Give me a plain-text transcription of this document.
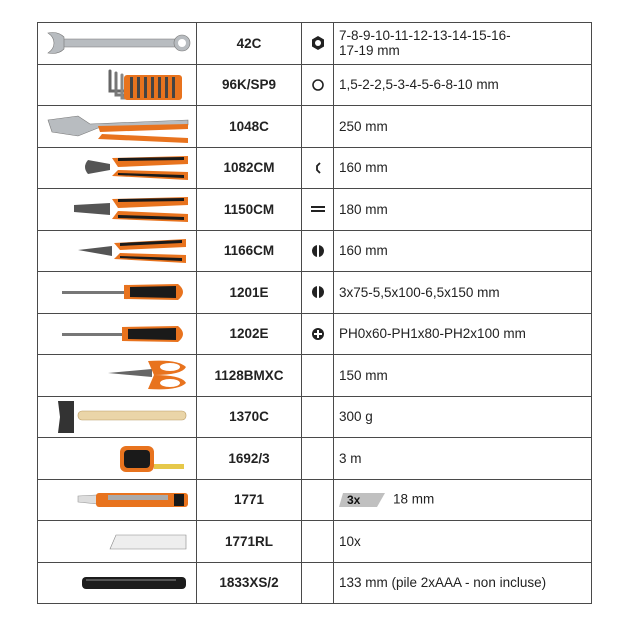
	42C		7-8-9-10-11-12-13-14-15-16-
17-19 mm

	96K/SP9		1,5-2-2,5-3-4-5-6-8-10 mm

	1048C		250 mm

	1082CM		160 mm

	1150CM		180 mm

	1166CM		160 mm

	1201E		3x75-5,5x100-6,5x150 mm

	1202E		PH0x60-PH1x80-PH2x100 mm

	1128BMXC		150 mm

	1370C		300 g

	1692/3		3 m

	1771		3x 18 mm

	1771RL		10x

	1833XS/2		133 mm (pile 2xAAA - non incluse)
